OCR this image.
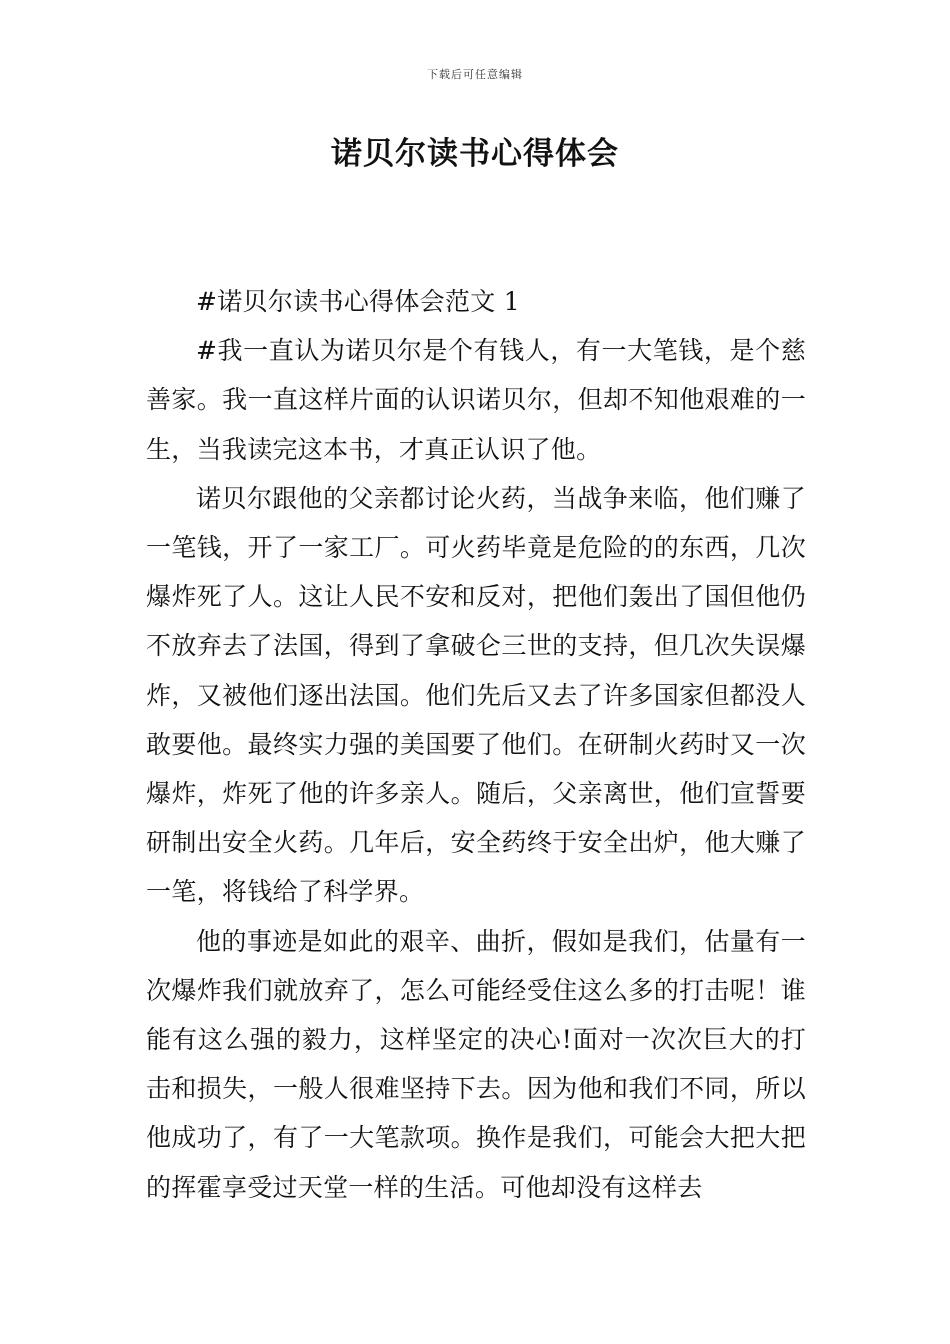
下载后可任意编辑
诺贝尔读书心得体会

#诺贝尔读书心得体会范文 1

#我一直认为诺贝尔是个有钱人，有一大笔钱，是个慈善家。我一直这样片面的认识诺贝尔，但却不知他艰难的一生，当我读完这本书，才真正认识了他。

诺贝尔跟他的父亲都讨论火药，当战争来临，他们赚了一笔钱，开了一家工厂。可火药毕竟是危险的的东西，几次爆炸死了人。这让人民不安和反对，把他们轰出了国但他仍不放弃去了法国，得到了拿破仑三世的支持，但几次失误爆炸，又被他们逐出法国。他们先后又去了许多国家但都没人敢要他。最终实力强的美国要了他们。在研制火药时又一次爆炸，炸死了他的许多亲人。随后，父亲离世，他们宣誓要研制出安全火药。几年后，安全药终于安全出炉，他大赚了一笔，将钱给了科学界。

他的事迹是如此的艰辛、曲折，假如是我们，估量有一次爆炸我们就放弃了，怎么可能经受住这么多的打击呢！谁能有这么强的毅力，这样坚定的决心!面对一次次巨大的打击和损失，一般人很难坚持下去。因为他和我们不同，所以他成功了，有了一大笔款项。换作是我们，可能会大把大把的挥霍享受过天堂一样的生活。可他却没有这样去
